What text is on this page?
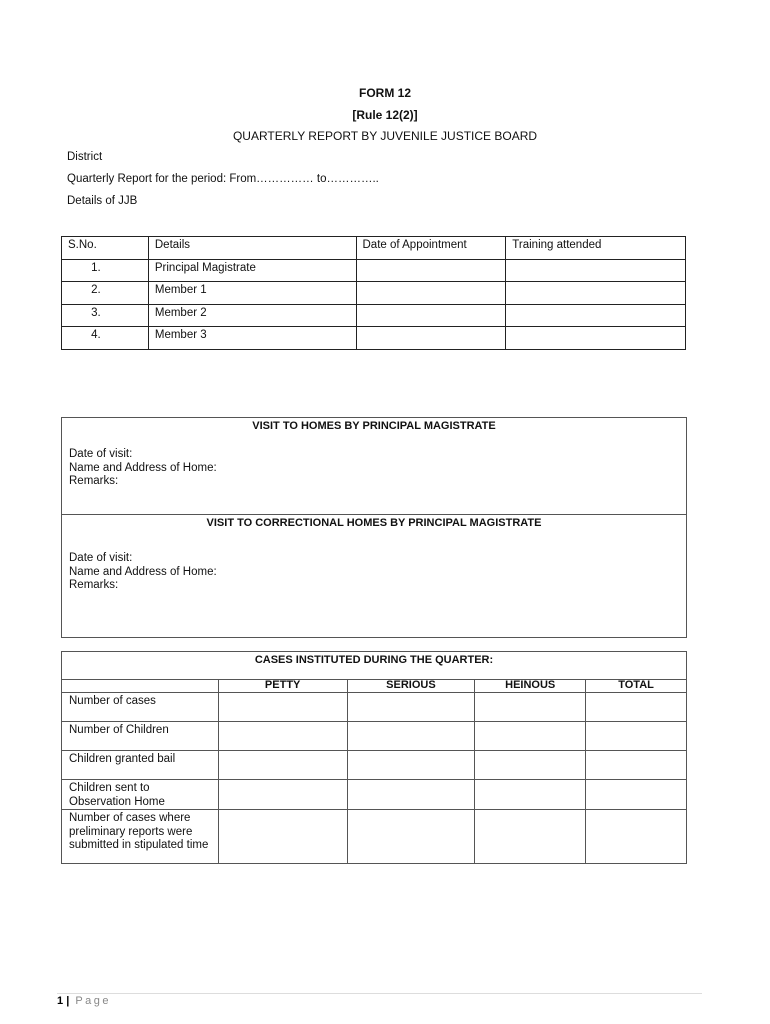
FORM 12
[Rule 12(2)]
QUARTERLY REPORT BY JUVENILE JUSTICE BOARD
District
Quarterly Report for the period: From…………… to…………..
Details of JJB
S.No.	Details	Date of Appointment	Training attended
1.	Principal Magistrate		
2.	Member 1		
3.	Member 2		
4.	Member 3		
VISIT TO HOMES BY PRINCIPAL MAGISTRATE
Date of visit:
Name and Address of Home:
Remarks:
VISIT TO CORRECTIONAL HOMES BY PRINCIPAL MAGISTRATE
Date of visit:
Name and Address of Home:
Remarks:
CASES INSTITUTED DURING THE QUARTER:				
	PETTY	SERIOUS	HEINOUS	TOTAL
Number of cases				
Number of Children				
Children granted bail				
Children sent to Observation Home				
Number of cases where preliminary reports were submitted in stipulated time				
1 | Page
